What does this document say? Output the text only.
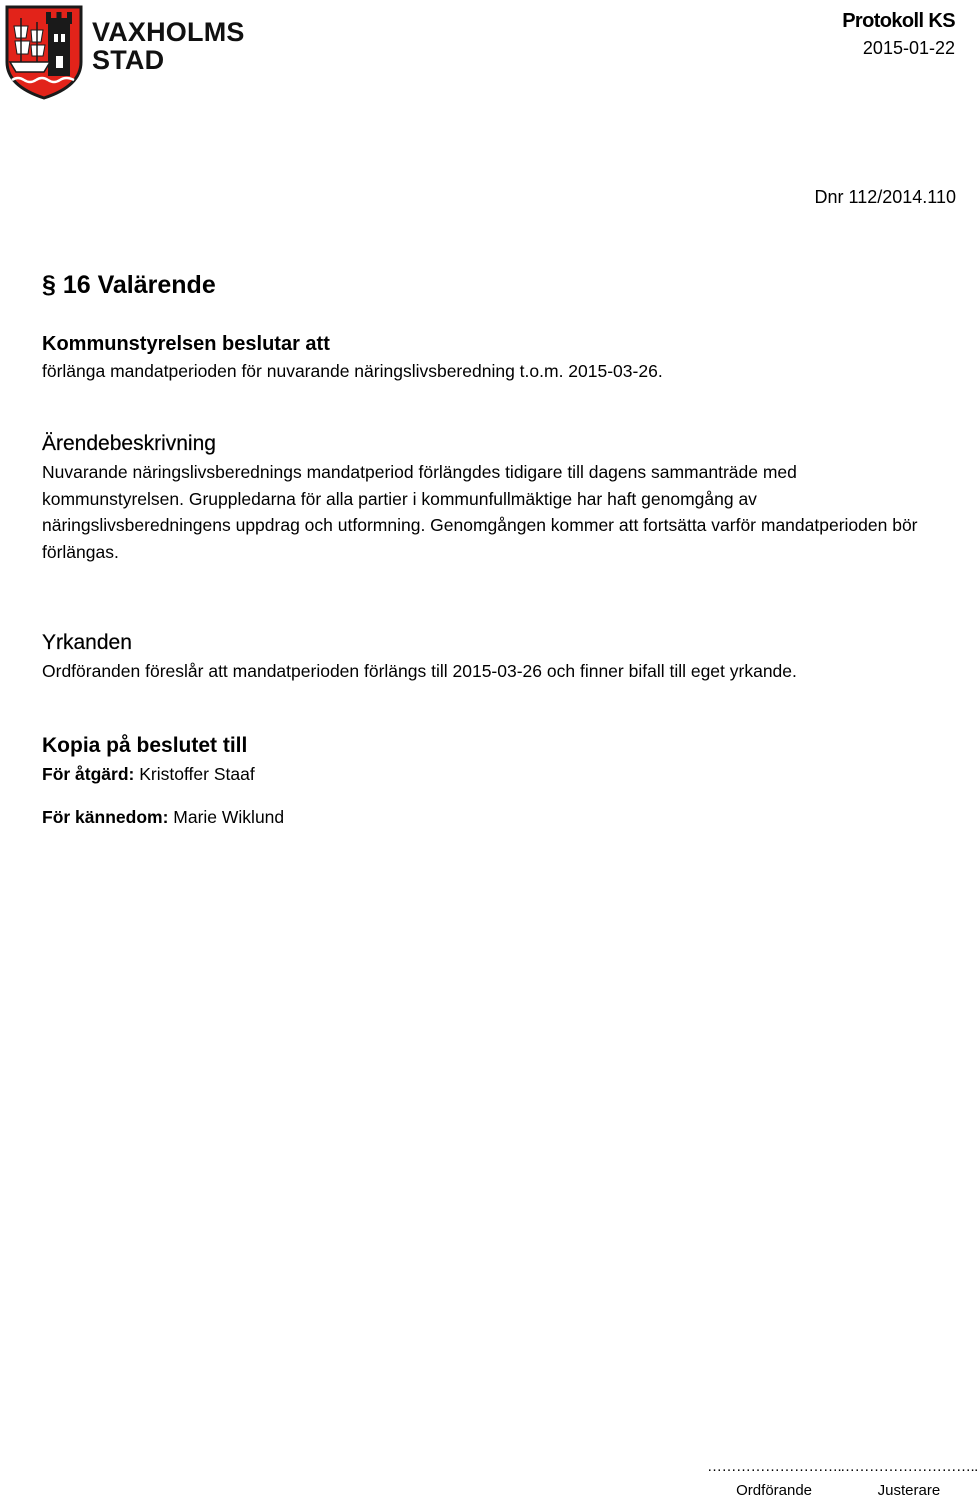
VAXHOLMS
STAD
Protokoll KS
2015-01-22
Dnr 112/2014.110
§ 16 Valärende
Kommunstyrelsen beslutar att
förlänga mandatperioden för nuvarande näringslivsberedning t.o.m. 2015-03-26.
Ärendebeskrivning
Nuvarande näringslivsberednings mandatperiod förlängdes tidigare till dagens sammanträde med kommunstyrelsen. Gruppledarna för alla partier i kommunfullmäktige har haft genomgång av näringslivsberedningens uppdrag och utformning. Genomgången kommer att fortsätta varför mandatperioden bör förlängas.
Yrkanden
Ordföranden föreslår att mandatperioden förlängs till 2015-03-26 och finner bifall till eget yrkande.
Kopia på beslutet till
För åtgärd: Kristoffer Staaf
För kännedom: Marie Wiklund
……………………….
Ordförande
………………………..
Justerare
